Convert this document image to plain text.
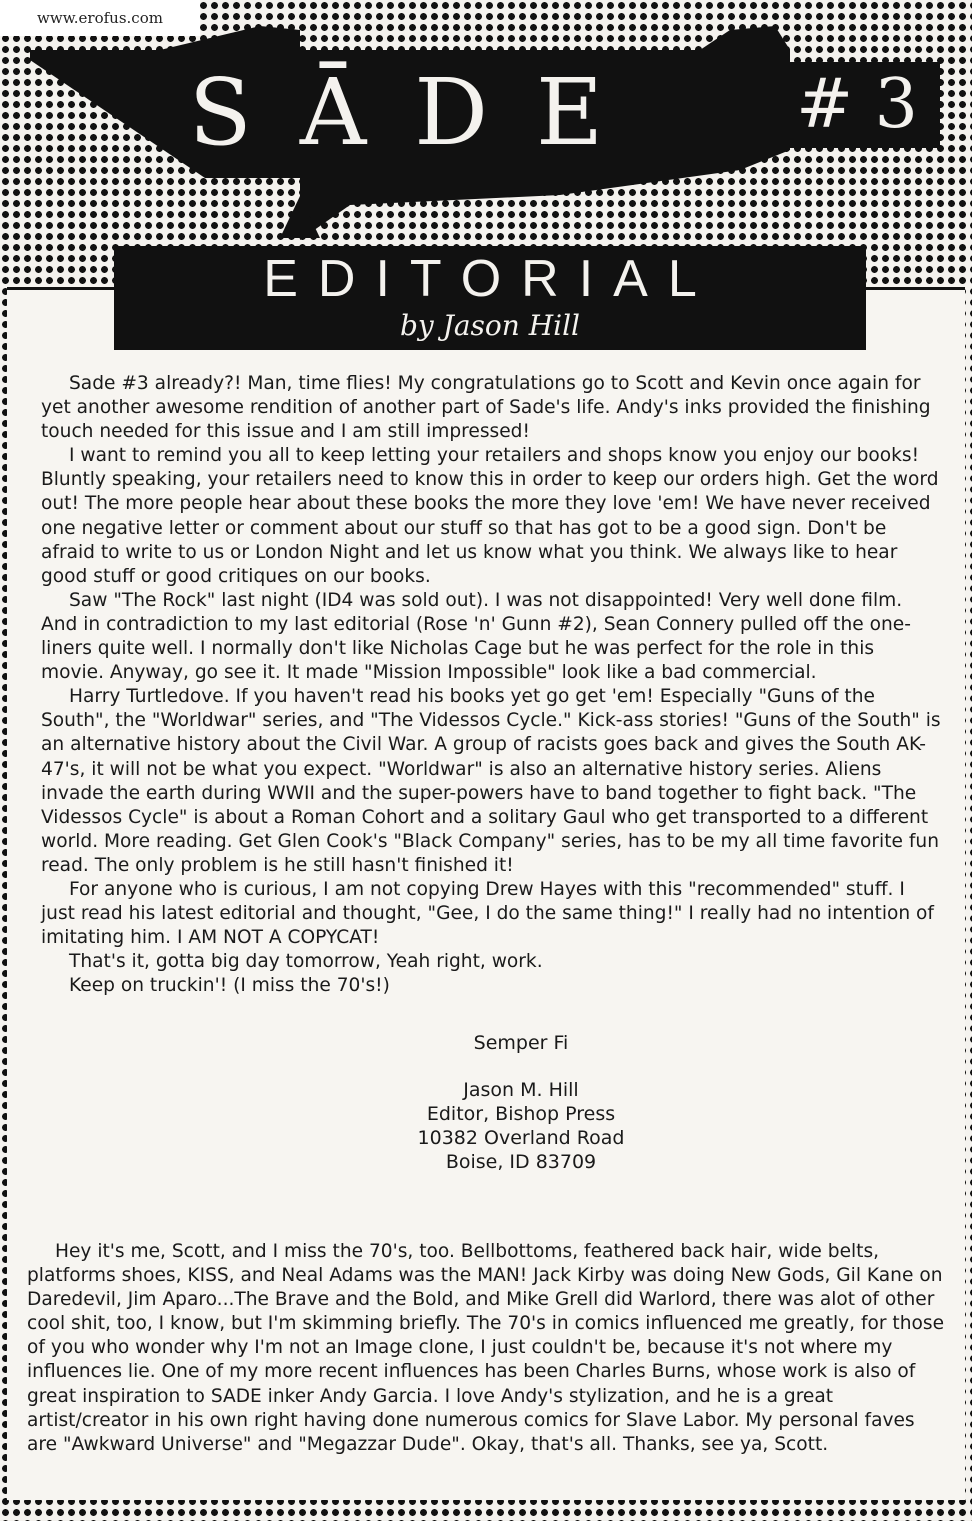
SĀDE	# 3

Sade #3 already?! Man, time flies! My congratulations go to Scott and Kevin once again for yet another awesome rendition of another part of Sade's life. Andy's inks provided the finishing touch needed for this issue and I am still impressed!

I want to remind you all to keep letting your retailers and shops know you enjoy our books! Bluntly speaking, your retailers need to know this in order to keep our orders high. Get the word out! The more people hear about these books the more they love 'em! We have never received one negative letter or comment about our stuff so that has got to be a good sign. Don't be afraid to write to us or London Night and let us know what you think. We always like to hear good stuff or good critiques on our books.

Saw "The Rock" last night (ID4 was sold out). I was not disappointed! Very well done film. And in contradiction to my last editorial (Rose 'n' Gunn #2), Sean Connery pulled off the one-liners quite well. I normally don't like Nicholas Cage but he was perfect for the role in this movie. Anyway, go see it. It made "Mission Impossible" look like a bad commercial.

Harry Turtledove. If you haven't read his books yet go get 'em! Especially "Guns of the South", the "Worldwar" series, and "The Videssos Cycle." Kick-ass stories! "Guns of the South" is an alternative history about the Civil War. A group of racists goes back and gives the South AK-47's, it will not be what you expect. "Worldwar" is also an alternative history series. Aliens invade the earth during WWII and the super-powers have to band together to fight back. "The Videssos Cycle" is about a Roman Cohort and a solitary Gaul who get transported to a different world. More reading. Get Glen Cook's "Black Company" series, has to be my all time favorite fun read. The only problem is he still hasn't finished it!

For anyone who is curious, I am not copying Drew Hayes with this "recommended" stuff. I just read his latest editorial and thought, "Gee, I do the same thing!" I really had no intention of imitating him. I AM NOT A COPYCAT!

That's it, gotta big day tomorrow, Yeah right, work.

Keep on truckin'! (I miss the 70's!)

Semper Fi
Jason M. Hill
Editor, Bishop Press
10382 Overland Road
Boise, ID 83709

Hey it's me, Scott, and I miss the 70's, too. Bellbottoms, feathered back hair, wide belts, platforms shoes, KISS, and Neal Adams was the MAN! Jack Kirby was doing New Gods, Gil Kane on Daredevil, Jim Aparo...The Brave and the Bold, and Mike Grell did Warlord, there was alot of other cool shit, too, I know, but I'm skimming briefly. The 70's in comics influenced me greatly, for those of you who wonder why I'm not an Image clone, I just couldn't be, because it's not where my influences lie. One of my more recent influences has been Charles Burns, whose work is also of great inspiration to SADE inker Andy Garcia. I love Andy's stylization, and he is a great artist/creator in his own right having done numerous comics for Slave Labor. My personal faves are "Awkward Universe" and "Megazzar Dude". Okay, that's all. Thanks, see ya, Scott.

EDITORIAL
by Jason Hill
www.erofus.com
